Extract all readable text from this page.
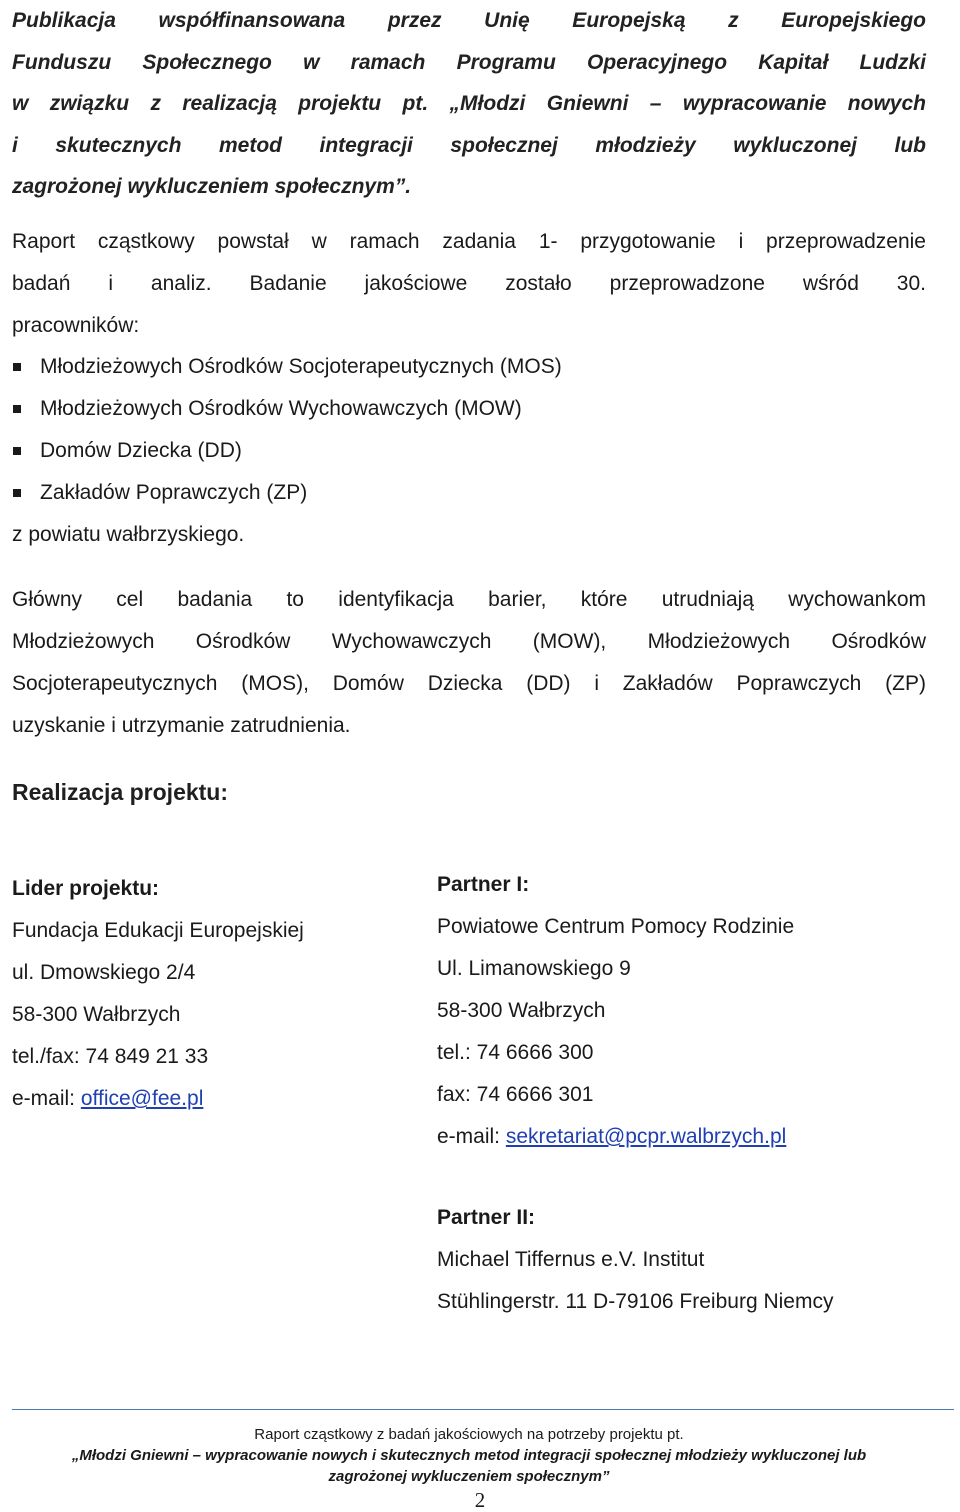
Publikacja współfinansowana przez Unię Europejską z Europejskiego
Funduszu Społecznego w ramach Programu Operacyjnego Kapitał Ludzki
w związku z realizacją projektu pt. „Młodzi Gniewni – wypracowanie nowych
i skutecznych metod integracji społecznej młodzieży wykluczonej lub
zagrożonej wykluczeniem społecznym”.
Raport cząstkowy powstał w ramach zadania 1- przygotowanie i przeprowadzenie
badań i analiz. Badanie jakościowe zostało przeprowadzone wśród 30.
pracowników:
Młodzieżowych Ośrodków Socjoterapeutycznych (MOS)
Młodzieżowych Ośrodków Wychowawczych (MOW)
Domów Dziecka (DD)
Zakładów Poprawczych (ZP)
z powiatu wałbrzyskiego.
Główny cel badania to identyfikacja barier, które utrudniają wychowankom
Młodzieżowych Ośrodków Wychowawczych (MOW), Młodzieżowych Ośrodków
Socjoterapeutycznych (MOS), Domów Dziecka (DD) i Zakładów Poprawczych (ZP)
uzyskanie i utrzymanie zatrudnienia.
Realizacja projektu:
Lider projektu:
Fundacja Edukacji Europejskiej
ul. Dmowskiego 2/4
58-300 Wałbrzych
tel./fax: 74 849 21 33
e-mail: office@fee.pl
Partner I:
Powiatowe Centrum Pomocy Rodzinie
Ul. Limanowskiego 9
58-300 Wałbrzych
tel.: 74 6666 300
fax: 74 6666 301
e-mail: sekretariat@pcpr.walbrzych.pl
Partner II:
Michael Tiffernus e.V. Institut
Stühlingerstr. 11 D-79106 Freiburg Niemcy
Raport cząstkowy z badań jakościowych na potrzeby projektu pt.
„Młodzi Gniewni – wypracowanie nowych i skutecznych metod integracji społecznej młodzieży wykluczonej lub
zagrożonej wykluczeniem społecznym”
2
